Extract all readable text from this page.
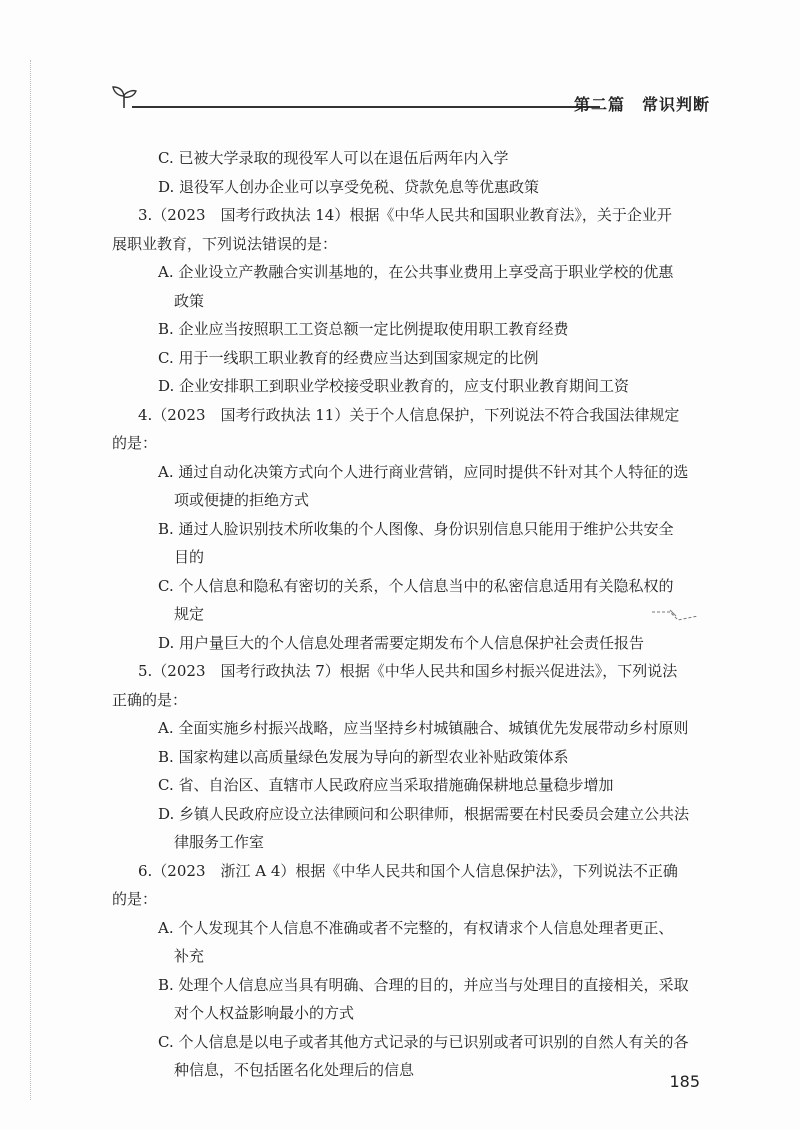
第二篇　常识判断
C. 已被大学录取的现役军人可以在退伍后两年内入学
D. 退役军人创办企业可以享受免税、贷款免息等优惠政策
3.（2023　国考行政执法 14）根据《中华人民共和国职业教育法》，关于企业开
展职业教育，下列说法错误的是：
A. 企业设立产教融合实训基地的，在公共事业费用上享受高于职业学校的优惠
政策
B. 企业应当按照职工工资总额一定比例提取使用职工教育经费
C. 用于一线职工职业教育的经费应当达到国家规定的比例
D. 企业安排职工到职业学校接受职业教育的，应支付职业教育期间工资
4.（2023　国考行政执法 11）关于个人信息保护，下列说法不符合我国法律规定
的是：
A. 通过自动化决策方式向个人进行商业营销，应同时提供不针对其个人特征的选
项或便捷的拒绝方式
B. 通过人脸识别技术所收集的个人图像、身份识别信息只能用于维护公共安全
目的
C. 个人信息和隐私有密切的关系，个人信息当中的私密信息适用有关隐私权的
规定
D. 用户量巨大的个人信息处理者需要定期发布个人信息保护社会责任报告
5.（2023　国考行政执法 7）根据《中华人民共和国乡村振兴促进法》，下列说法
正确的是：
A. 全面实施乡村振兴战略，应当坚持乡村城镇融合、城镇优先发展带动乡村原则
B. 国家构建以高质量绿色发展为导向的新型农业补贴政策体系
C. 省、自治区、直辖市人民政府应当采取措施确保耕地总量稳步增加
D. 乡镇人民政府应设立法律顾问和公职律师，根据需要在村民委员会建立公共法
律服务工作室
6.（2023　浙江 A 4）根据《中华人民共和国个人信息保护法》，下列说法不正确
的是：
A. 个人发现其个人信息不准确或者不完整的，有权请求个人信息处理者更正、
补充
B. 处理个人信息应当具有明确、合理的目的，并应当与处理目的直接相关，采取
对个人权益影响最小的方式
C. 个人信息是以电子或者其他方式记录的与已识别或者可识别的自然人有关的各
种信息，不包括匿名化处理后的信息
185
